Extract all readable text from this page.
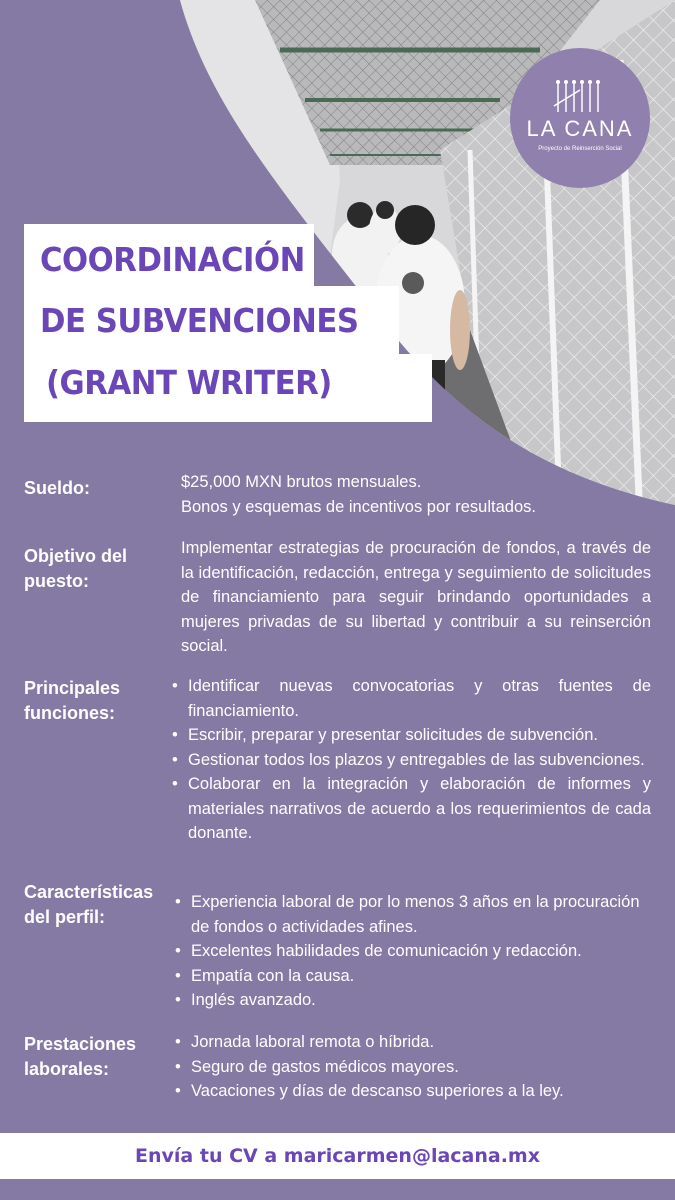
LA CANA
Proyecto de Reinserción Social
COORDINACIÓN
DE SUBVENCIONES
(GRANT WRITER)
Sueldo:	$25,000 MXN brutos mensuales.
Bonos y esquemas de incentivos por resultados.
Objetivo del
puesto:
Implementar estrategias de procuración de fondos, a través de la identificación, redacción, entrega y seguimiento de solicitudes de financiamiento para seguir brindando oportunidades a mujeres privadas de su libertad y contribuir a su reinserción social.
Principales
funciones:
• Identificar nuevas convocatorias y otras fuentes de financiamiento.
• Escribir, preparar y presentar solicitudes de subvención.
• Gestionar todos los plazos y entregables de las subvenciones.
• Colaborar en la integración y elaboración de informes y materiales narrativos de acuerdo a los requerimientos de cada donante.
Características
del perfil:
• Experiencia laboral de por lo menos 3 años en la procuración de fondos o actividades afines.
• Excelentes habilidades de comunicación y redacción.
• Empatía con la causa.
• Inglés avanzado.
Prestaciones
laborales:
• Jornada laboral remota o híbrida.
• Seguro de gastos médicos mayores.
• Vacaciones y días de descanso superiores a la ley.
Envía tu CV a maricarmen@lacana.mx
